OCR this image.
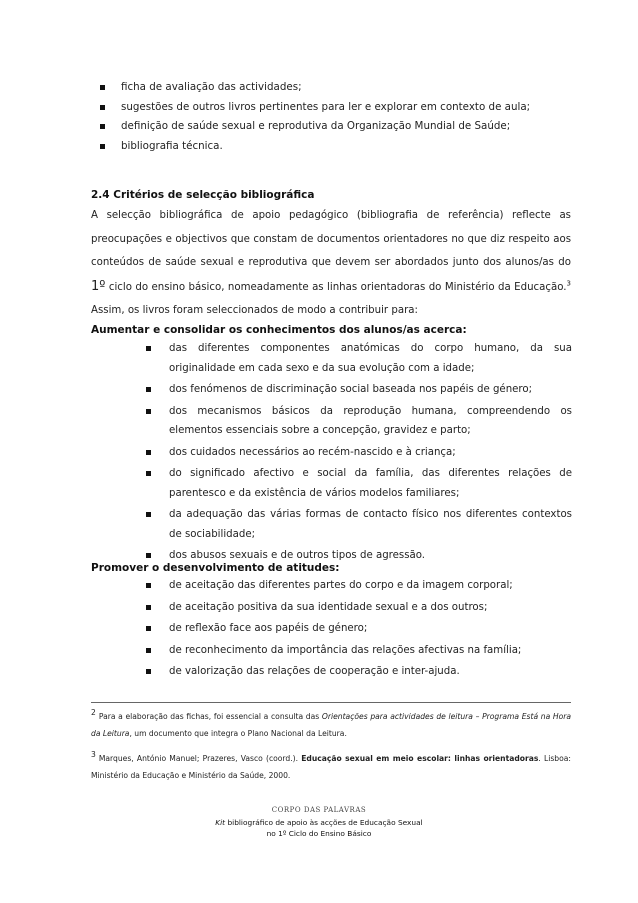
ficha de avaliação das actividades;
sugestões de outros livros pertinentes para ler e explorar em contexto de aula;
definição de saúde sexual e reprodutiva da Organização Mundial de Saúde;
bibliografia técnica.
2.4 Critérios de selecção bibliográfica
A selecção bibliográfica de apoio pedagógico (bibliografia de referência) reflecte as preocupações e objectivos que constam de documentos orientadores no que diz respeito aos conteúdos de saúde sexual e reprodutiva que devem ser abordados junto dos alunos/as do 1º ciclo do ensino básico, nomeadamente as linhas orientadoras do Ministério da Educação.$^3$ Assim, os livros foram seleccionados de modo a contribuir para:
Aumentar e consolidar os conhecimentos dos alunos/as acerca:
das diferentes componentes anatómicas do corpo humano, da sua originalidade em cada sexo e da sua evolução com a idade;
dos fenómenos de discriminação social baseada nos papéis de género;
dos mecanismos básicos da reprodução humana, compreendendo os elementos essenciais sobre a concepção, gravidez e parto;
dos cuidados necessários ao recém-nascido e à criança;
do significado afectivo e social da família, das diferentes relações de parentesco e da existência de vários modelos familiares;
da adequação das várias formas de contacto físico nos diferentes contextos de sociabilidade;
dos abusos sexuais e de outros tipos de agressão.
Promover o desenvolvimento de atitudes:
de aceitação das diferentes partes do corpo e da imagem corporal;
de aceitação positiva da sua identidade sexual e a dos outros;
de reflexão face aos papéis de género;
de reconhecimento da importância das relações afectivas na família;
de valorização das relações de cooperação e inter-ajuda.
2 Para a elaboração das fichas, foi essencial a consulta das Orientações para actividades de leitura – Programa Está na Hora da Leitura, um documento que integra o Plano Nacional da Leitura.
3 Marques, António Manuel; Prazeres, Vasco (coord.). Educação sexual em meio escolar: linhas orientadoras. Lisboa: Ministério da Educação e Ministério da Saúde, 2000.
CORPO DAS PALAVRAS
Kit bibliográfico de apoio às acções de Educação Sexual
no 1º Ciclo do Ensino Básico
